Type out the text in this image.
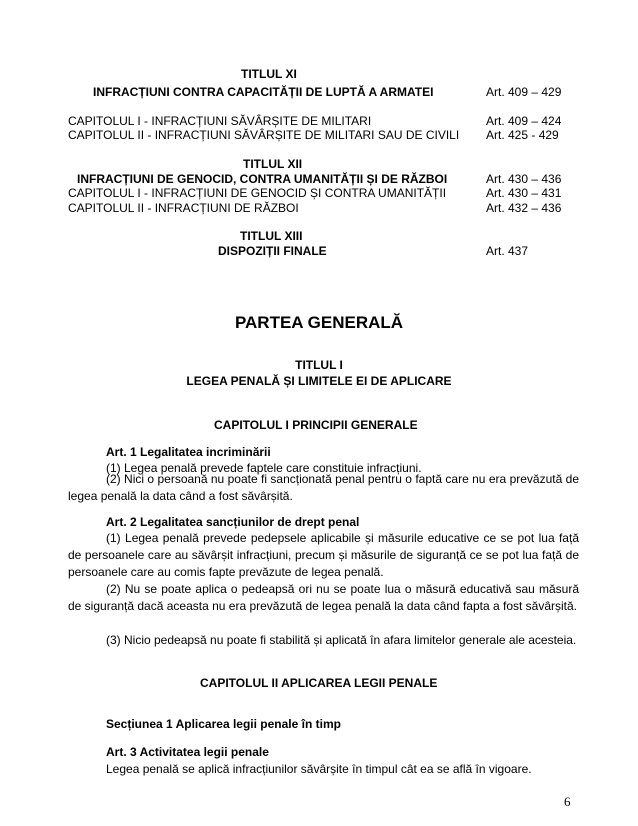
TITLUL XI
INFRACȚIUNI CONTRA CAPACITĂȚII DE LUPTĂ A ARMATEI	Art. 409 – 429
CAPITOLUL I - INFRACȚIUNI SĂVÂRȘITE DE MILITARI	Art. 409 – 424
CAPITOLUL II - INFRACȚIUNI SĂVÂRȘITE DE MILITARI SAU DE CIVILI Art. 425 - 429
TITLUL XII
INFRACȚIUNI DE GENOCID, CONTRA UMANITĂȚII ȘI DE RĂZBOI	Art. 430 – 436
CAPITOLUL I - INFRACȚIUNI DE GENOCID ȘI CONTRA UMANITĂȚII	Art. 430 – 431
CAPITOLUL II - INFRACȚIUNI DE RĂZBOI	Art. 432 – 436
TITLUL XIII
DISPOZIȚII FINALE	Art. 437
PARTEA GENERALĂ
TITLUL I
LEGEA PENALĂ ȘI LIMITELE EI DE APLICARE
CAPITOLUL I PRINCIPII GENERALE
Art. 1 Legalitatea incriminării
(1) Legea penală prevede faptele care constituie infracțiuni.
(2) Nici o persoană nu poate fi sancționată penal pentru o faptă care nu era prevăzută de legea penală la data când a fost săvârșită.
Art. 2 Legalitatea sancțiunilor de drept penal
(1) Legea penală prevede pedepsele aplicabile și măsurile educative ce se pot lua față de persoanele care au săvârșit infracțiuni, precum și măsurile de siguranță ce se pot lua față de persoanele care au comis fapte prevăzute de legea penală.
(2) Nu se poate aplica o pedeapsă ori nu se poate lua o măsură educativă sau măsură de siguranță dacă aceasta nu era prevăzută de legea penală la data când fapta a fost săvârșită.
(3) Nicio pedeapsă nu poate fi stabilită și aplicată în afara limitelor generale ale acesteia.
CAPITOLUL II APLICAREA LEGII PENALE
Secțiunea 1 Aplicarea legii penale în timp
Art. 3 Activitatea legii penale
Legea penală se aplică infracțiunilor săvârșite în timpul cât ea se află în vigoare.
6
